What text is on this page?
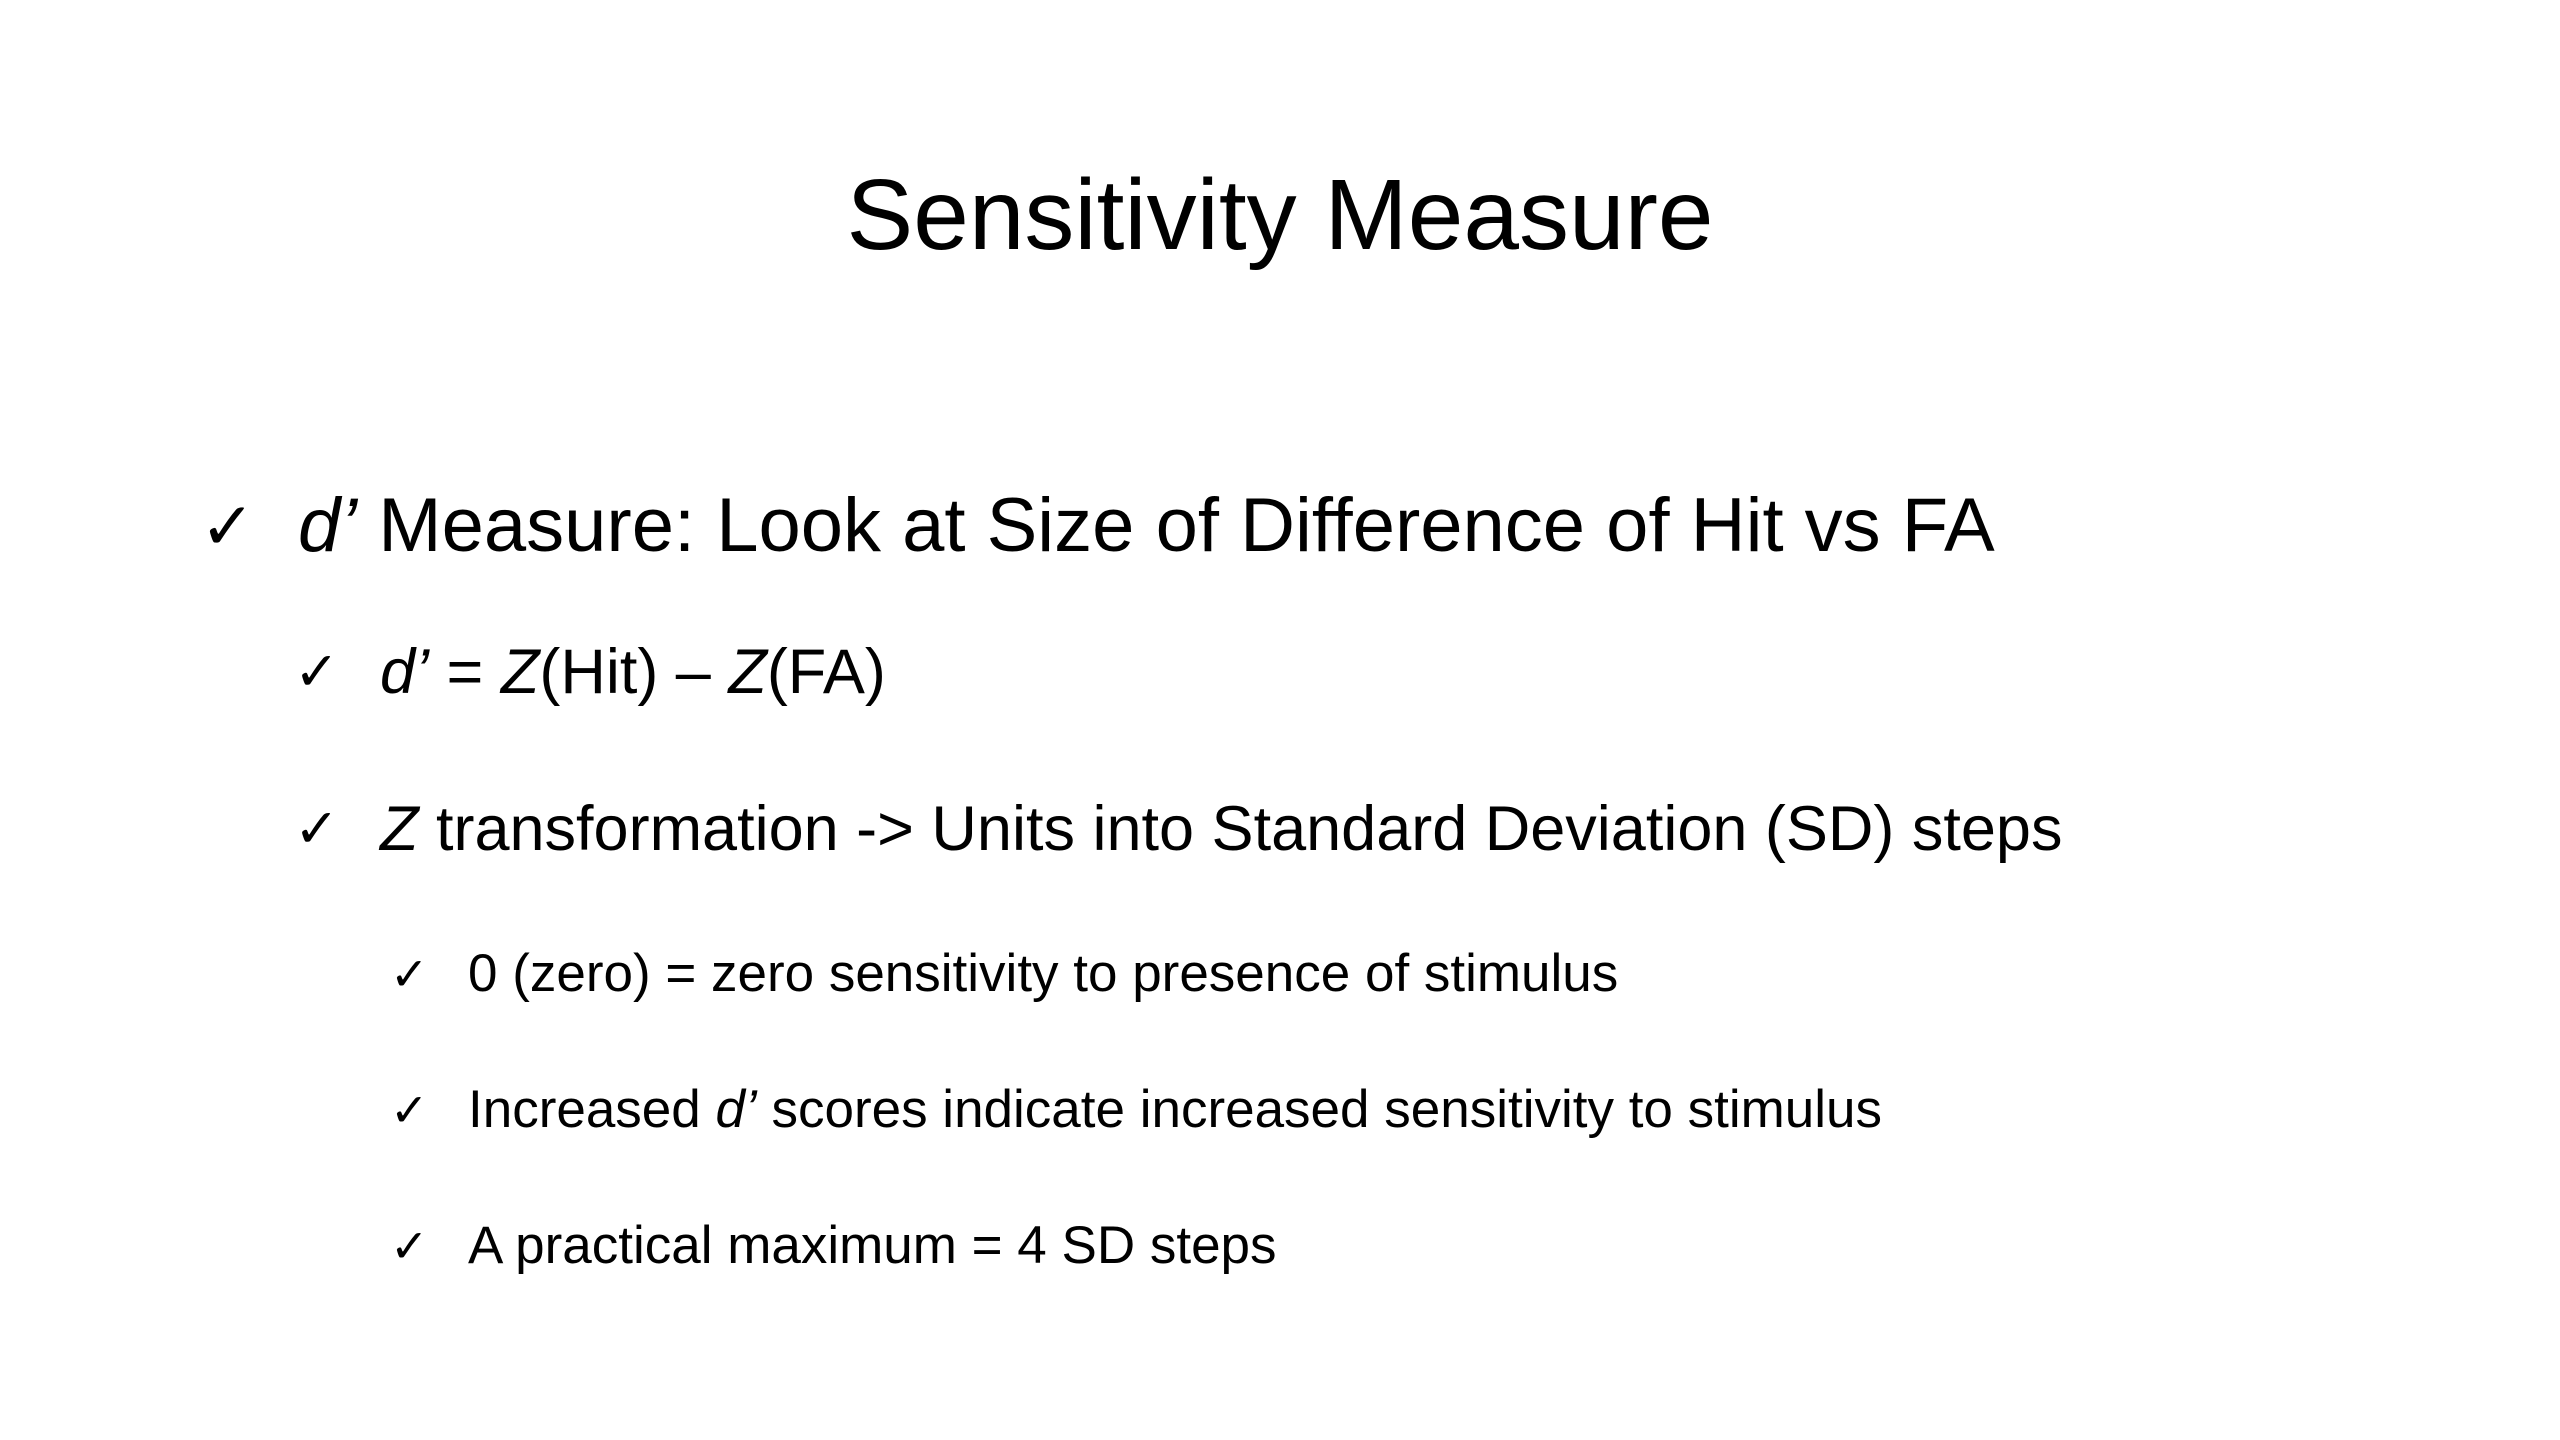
Sensitivity Measure
✓ d’ Measure: Look at Size of Difference of Hit vs FA
✓ d’ = Z(Hit) – Z(FA)
✓ Z transformation -> Units into Standard Deviation (SD) steps
✓ 0 (zero) = zero sensitivity to presence of stimulus
✓ Increased d’ scores indicate increased sensitivity to stimulus
✓ A practical maximum = 4 SD steps
